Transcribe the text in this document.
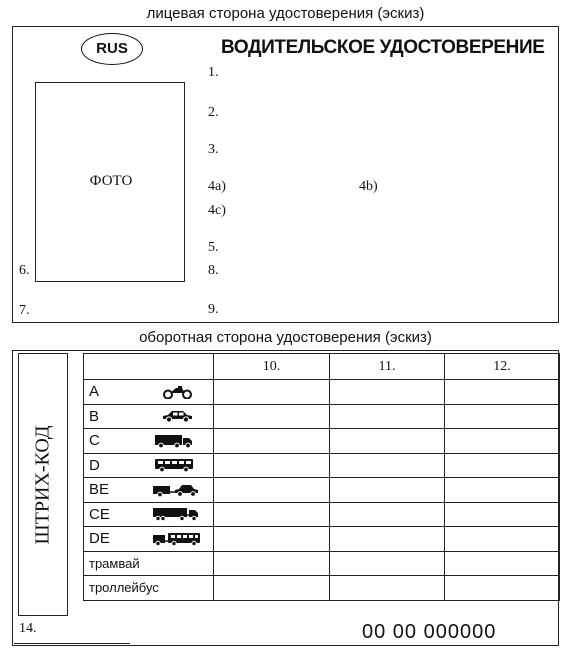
лицевая сторона удостоверения (эскиз)
RUS	ВОДИТЕЛЬСКОЕ УДОСТОВЕРЕНИЕ
ФОТО
1.
2.
3.
4a)	4b)
4c)
5.
8.
9.
6.
7.
оборотная сторона удостоверения (эскиз)
ШТРИХ-КОД
	10.	11.	12.

A			

B			

C			

D			

BE			

CE			

DE			

трамвай			

троллейбус			

14.	00 00 000000
